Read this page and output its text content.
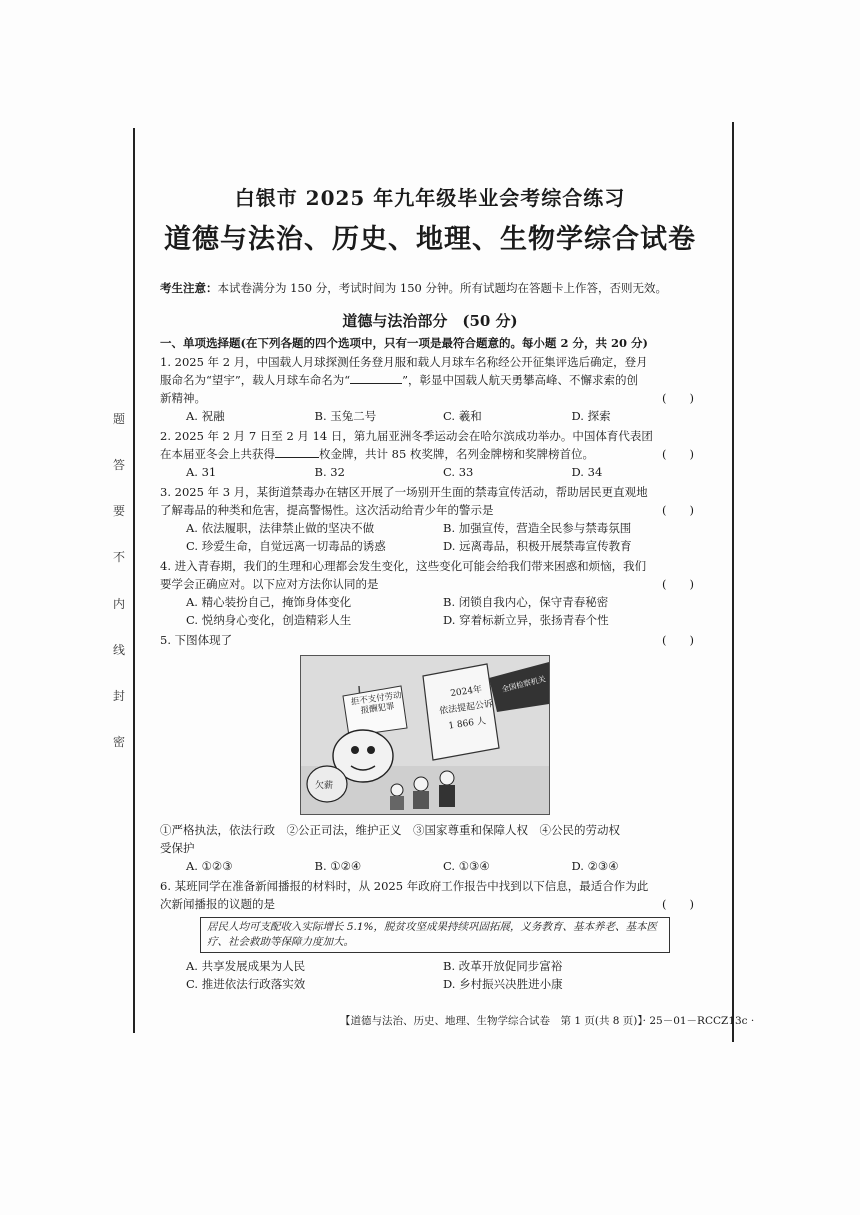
题
答
要
不
内
线
封
密
白银市 2025 年九年级毕业会考综合练习
道德与法治、历史、地理、生物学综合试卷
考生注意：本试卷满分为 150 分，考试时间为 150 分钟。所有试题均在答题卡上作答，否则无效。
道德与法治部分　(50 分)
一、单项选择题(在下列各题的四个选项中，只有一项是最符合题意的。每小题 2 分，共 20 分)
1. 2025 年 2 月，中国载人月球探测任务登月服和载人月球车名称经公开征集评选后确定，登月
服命名为“望宇”，载人月球车命名为“	”，彰显中国载人航天勇攀高峰、不懈求索的创
新精神。	(　　)
A. 祝融	B. 玉兔二号	C. 羲和	D. 探索
2. 2025 年 2 月 7 日至 2 月 14 日，第九届亚洲冬季运动会在哈尔滨成功举办。中国体育代表团
在本届亚冬会上共获得	枚金牌，共计 85 枚奖牌，名列金牌榜和奖牌榜首位。	(　　)
A. 31	B. 32	C. 33	D. 34
3. 2025 年 3 月，某街道禁毒办在辖区开展了一场别开生面的禁毒宣传活动，帮助居民更直观地
了解毒品的种类和危害，提高警惕性。这次活动给青少年的警示是	(　　)
A. 依法履职，法律禁止做的坚决不做	B. 加强宣传，营造全民参与禁毒氛围
C. 珍爱生命，自觉远离一切毒品的诱惑	D. 远离毒品，积极开展禁毒宣传教育
4. 进入青春期，我们的生理和心理都会发生变化，这些变化可能会给我们带来困惑和烦恼，我们
要学会正确应对。以下应对方法你认同的是	(　　)
A. 精心装扮自己，掩饰身体变化	B. 闭锁自我内心，保守青春秘密
C. 悦纳身心变化，创造精彩人生	D. 穿着标新立异，张扬青春个性
5. 下图体现了	(　　)
拒不支付劳动报酬犯罪
2024年
依法提起公诉
1 866 人
全国检察机关
欠薪
①严格执法，依法行政　②公正司法，维护正义　③国家尊重和保障人权　④公民的劳动权
受保护
A. ①②③	B. ①②④	C. ①③④	D. ②③④
6. 某班同学在准备新闻播报的材料时，从 2025 年政府工作报告中找到以下信息，最适合作为此
次新闻播报的议题的是	(　　)
居民人均可支配收入实际增长 5.1%，脱贫攻坚成果持续巩固拓展，义务教育、基本养老、基本医疗、社会救助等保障力度加大。
A. 共享发展成果为人民	B. 改革开放促同步富裕
C. 推进依法行政落实效	D. 乡村振兴决胜进小康
【道德与法治、历史、地理、生物学综合试卷　第 1 页(共 8 页)】· 25－01－RCCZ13c ·
